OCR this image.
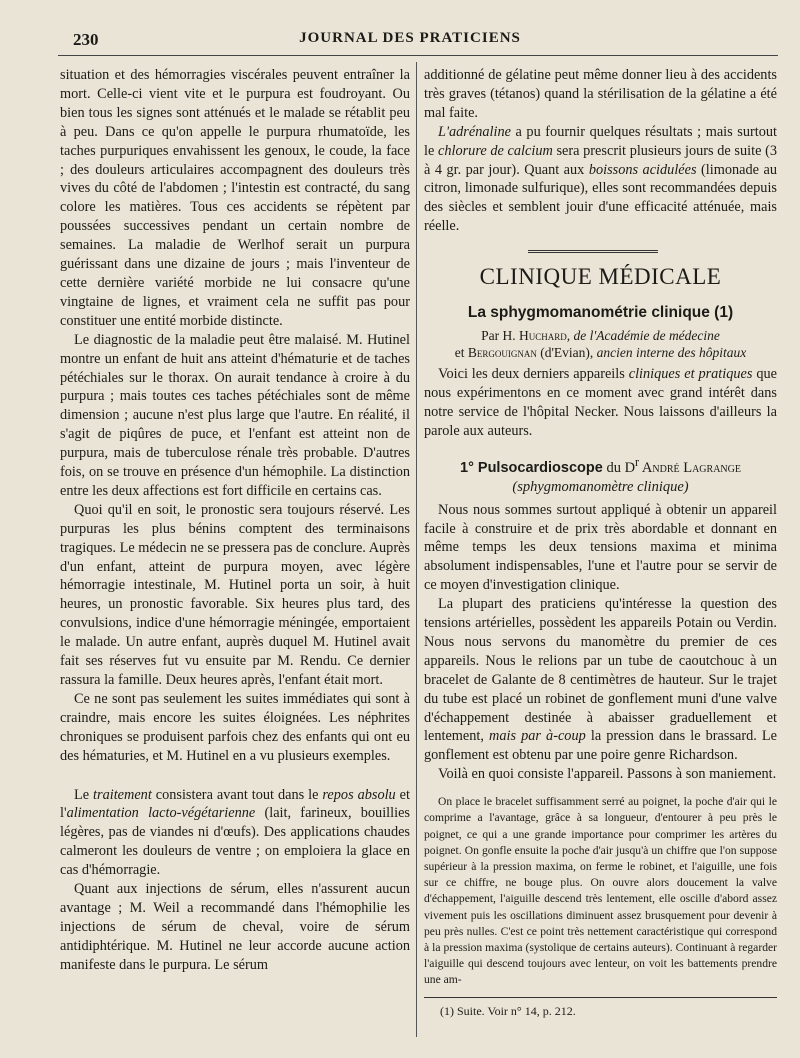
230	JOURNAL DES PRATICIENS

situation et des hémorragies viscérales peuvent entraîner la mort. Celle-ci vient vite et le purpura est foudroyant. Ou bien tous les signes sont atténués et le malade se rétablit peu à peu. Dans ce qu'on appelle le purpura rhumatoïde, les taches purpuriques envahissent les genoux, le coude, la face ; des douleurs articulaires accompagnent des douleurs très vives du côté de l'abdomen ; l'intestin est contracté, du sang colore les matières. Tous ces accidents se répètent par poussées successives pendant un certain nombre de semaines. La maladie de Werlhof serait un purpura guérissant dans une dizaine de jours ; mais l'inventeur de cette dernière variété morbide ne lui consacre qu'une vingtaine de lignes, et vraiment cela ne suffit pas pour constituer une entité morbide distincte.

Le diagnostic de la maladie peut être malaisé. M. Hutinel montre un enfant de huit ans atteint d'hématurie et de taches pétéchiales sur le thorax. On aurait tendance à croire à du purpura ; mais toutes ces taches pétéchiales sont de même dimension ; aucune n'est plus large que l'autre. En réalité, il s'agit de piqûres de puce, et l'enfant est atteint non de purpura, mais de tuberculose rénale très probable. D'autres fois, on se trouve en présence d'un hémophile. La distinction entre les deux affections est fort difficile en certains cas.

Quoi qu'il en soit, le pronostic sera toujours réservé. Les purpuras les plus bénins comptent des terminaisons tragiques. Le médecin ne se pressera pas de conclure. Auprès d'un enfant, atteint de purpura moyen, avec légère hémorragie intestinale, M. Hutinel porta un soir, à huit heures, un pronostic favorable. Six heures plus tard, des convulsions, indice d'une hémorragie méningée, emportaient le malade. Un autre enfant, auprès duquel M. Hutinel avait fait ses réserves fut vu ensuite par M. Rendu. Ce dernier rassura la famille. Deux heures après, l'enfant était mort.

Ce ne sont pas seulement les suites immédiates qui sont à craindre, mais encore les suites éloignées. Les néphrites chroniques se produisent parfois chez des enfants qui ont eu des hématuries, et M. Hutinel en a vu plusieurs exemples.

Le traitement consistera avant tout dans le repos absolu et l'alimentation lacto-végétarienne (lait, farineux, bouillies légères, pas de viandes ni d'œufs). Des applications chaudes calmeront les douleurs de ventre ; on emploiera la glace en cas d'hémorragie.

Quant aux injections de sérum, elles n'assurent aucun avantage ; M. Weil a recommandé dans l'hémophilie les injections de sérum de cheval, voire de sérum antidiphtérique. M. Hutinel ne leur accorde aucune action manifeste dans le purpura. Le sérum

additionné de gélatine peut même donner lieu à des accidents très graves (tétanos) quand la stérilisation de la gélatine a été mal faite.

L'adrénaline a pu fournir quelques résultats ; mais surtout le chlorure de calcium sera prescrit plusieurs jours de suite (3 à 4 gr. par jour). Quant aux boissons acidulées (limonade au citron, limonade sulfurique), elles sont recommandées depuis des siècles et semblent jouir d'une efficacité atténuée, mais réelle.

CLINIQUE MÉDICALE
La sphygmomanométrie clinique (1)
Par H. Huchard, de l'Académie de médecine
et Bergouignan (d'Evian), ancien interne des hôpitaux

Voici les deux derniers appareils cliniques et pratiques que nous expérimentons en ce moment avec grand intérêt dans notre service de l'hôpital Necker. Nous laissons d'ailleurs la parole aux auteurs.

1° Pulsocardioscope du $D^r$ André Lagrange
(sphygmomanomètre clinique)

Nous nous sommes surtout appliqué à obtenir un appareil facile à construire et de prix très abordable et donnant en même temps les deux tensions maxima et minima absolument indispensables, l'une et l'autre pour se servir de ce moyen d'investigation clinique.

La plupart des praticiens qu'intéresse la question des tensions artérielles, possèdent les appareils Potain ou Verdin. Nous nous servons du manomètre du premier de ces appareils. Nous le relions par un tube de caoutchouc à un bracelet de Galante de 8 centimètres de hauteur. Sur le trajet du tube est placé un robinet de gonflement muni d'une valve d'échappement destinée à abaisser graduellement et lentement, mais par à-coup la pression dans le brassard. Le gonflement est obtenu par une poire genre Richardson.

Voilà en quoi consiste l'appareil. Passons à son maniement.

On place le bracelet suffisamment serré au poignet, la poche d'air qui le comprime a l'avantage, grâce à sa longueur, d'entourer à peu près le poignet, ce qui a une grande importance pour comprimer les artères du poignet. On gonfle ensuite la poche d'air jusqu'à un chiffre que l'on suppose supérieur à la pression maxima, on ferme le robinet, et l'aiguille, une fois sur ce chiffre, ne bouge plus. On ouvre alors doucement la valve d'échappement, l'aiguille descend très lentement, elle oscille d'abord assez vivement puis les oscillations diminuent assez brusquement pour devenir à peu près nulles. C'est ce point très nettement caractéristique qui correspond à la pression maxima (systolique de certains auteurs). Continuant à regarder l'aiguille qui descend toujours avec lenteur, on voit les battements prendre une am-

(1) Suite. Voir n° 14, p. 212.
